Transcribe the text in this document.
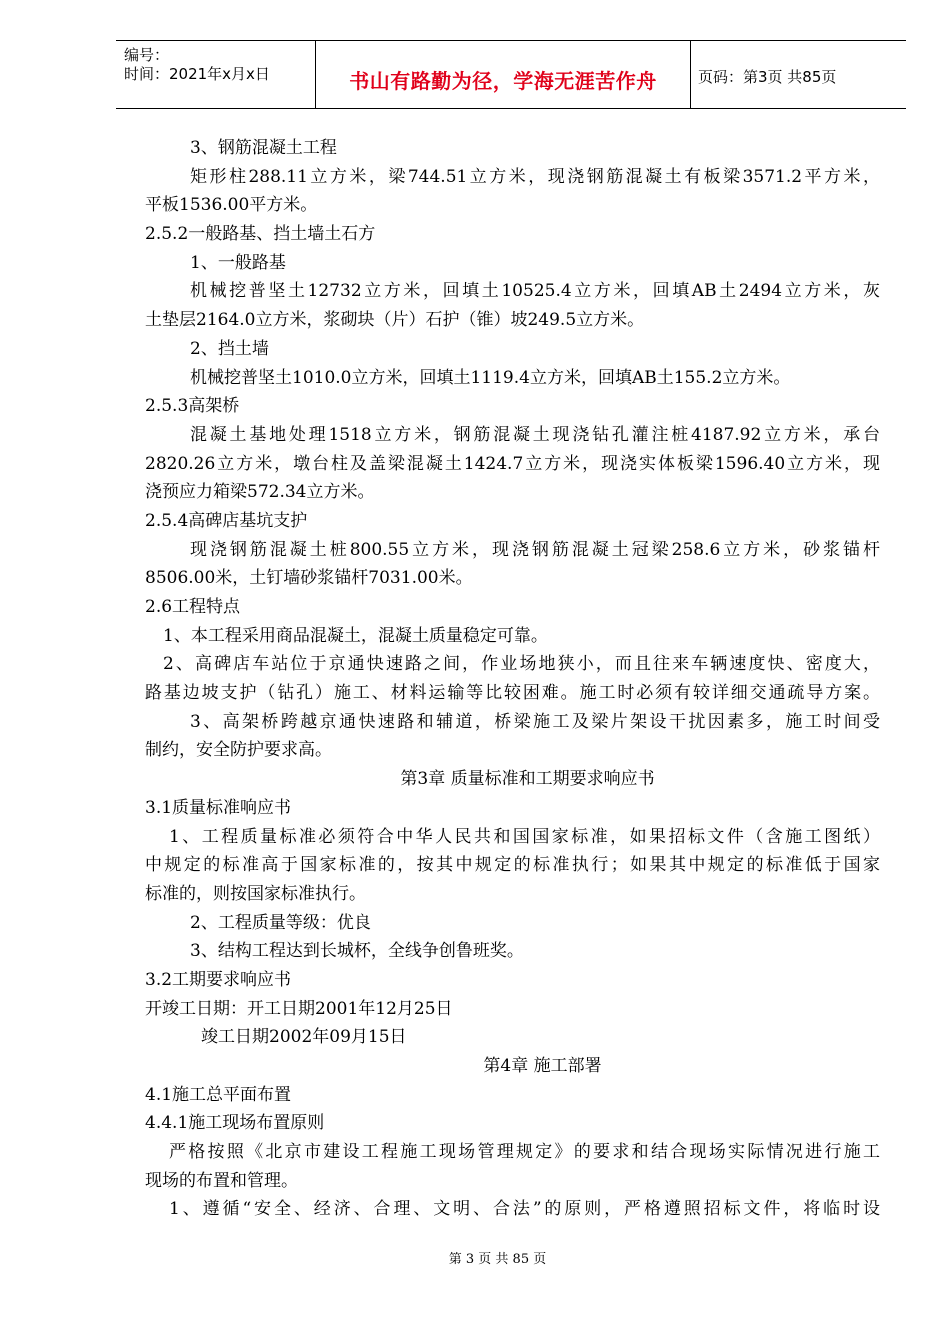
编号：
时间：2021年x月x日	书山有路勤为径，学海无涯苦作舟	页码：第3页 共85页
3、钢筋混凝土工程
矩形柱288.11立方米，梁744.51立方米，现浇钢筋混凝土有板梁3571.2平方米，
平板1536.00平方米。
2.5.2一般路基、挡土墙土石方
1、一般路基
机械挖普坚土12732立方米，回填土10525.4立方米，回填AB土2494立方米，灰
土垫层2164.0立方米，浆砌块（片）石护（锥）坡249.5立方米。
2、挡土墙
机械挖普坚土1010.0立方米，回填土1119.4立方米，回填AB土155.2立方米。
2.5.3高架桥
混凝土基地处理1518立方米，钢筋混凝土现浇钻孔灌注桩4187.92立方米，承台
2820.26立方米，墩台柱及盖梁混凝土1424.7立方米，现浇实体板梁1596.40立方米，现
浇预应力箱梁572.34立方米。
2.5.4高碑店基坑支护
现浇钢筋混凝土桩800.55立方米，现浇钢筋混凝土冠梁258.6立方米，砂浆锚杆
8506.00米，土钉墙砂浆锚杆7031.00米。
2.6工程特点
1、本工程采用商品混凝土，混凝土质量稳定可靠。
2、高碑店车站位于京通快速路之间，作业场地狭小，而且往来车辆速度快、密度大，
路基边坡支护（钻孔）施工、材料运输等比较困难。施工时必须有较详细交通疏导方案。
3、高架桥跨越京通快速路和辅道，桥梁施工及梁片架设干扰因素多，施工时间受
制约，安全防护要求高。
第3章 质量标准和工期要求响应书
3.1质量标准响应书
1、工程质量标准必须符合中华人民共和国国家标准，如果招标文件（含施工图纸）
中规定的标准高于国家标准的，按其中规定的标准执行；如果其中规定的标准低于国家
标准的，则按国家标准执行。
2、工程质量等级：优良
3、结构工程达到长城杯，全线争创鲁班奖。
3.2工期要求响应书
开竣工日期：开工日期2001年12月25日
竣工日期2002年09月15日
第4章 施工部署
4.1施工总平面布置
4.4.1施工现场布置原则
严格按照《北京市建设工程施工现场管理规定》的要求和结合现场实际情况进行施工
现场的布置和管理。
1、遵循“安全、经济、合理、文明、合法”的原则，严格遵照招标文件，将临时设
第 3 页 共 85 页
